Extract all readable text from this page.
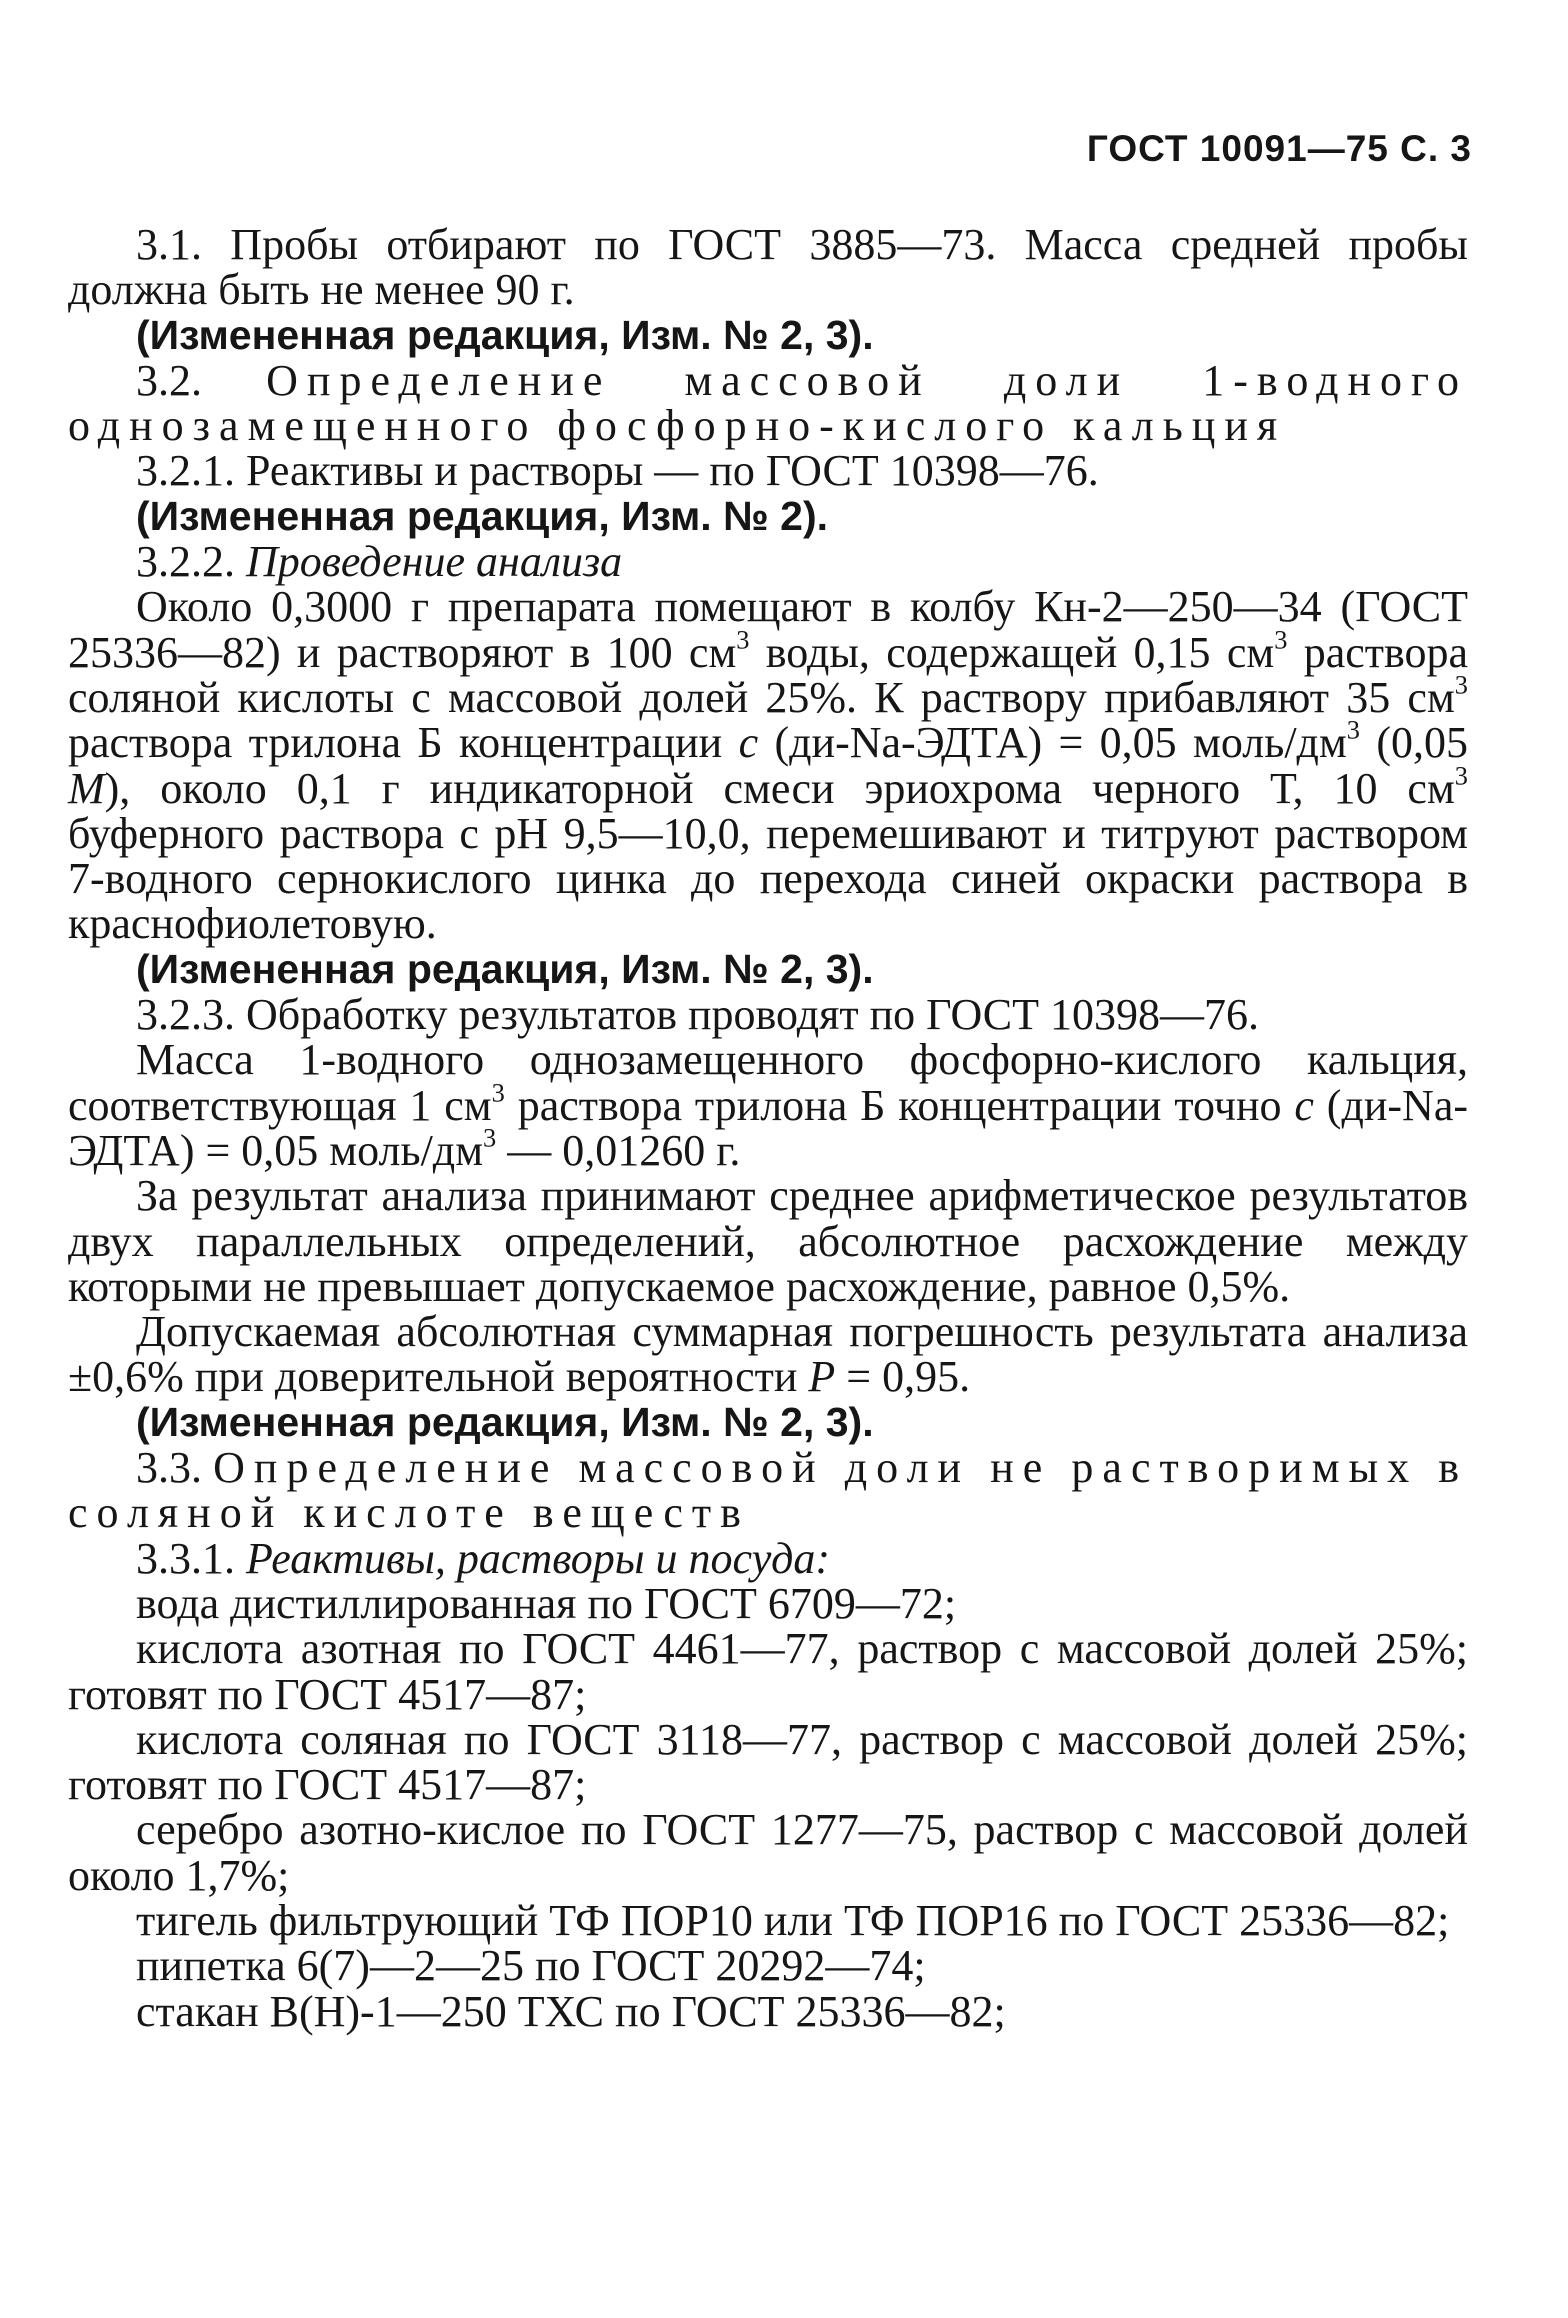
ГОСТ 10091—75 С. 3

3.1. Пробы отбирают по ГОСТ 3885—73. Масса средней пробы должна быть не менее 90 г.

(Измененная редакция, Изм. № 2, 3).

3.2. Определение массовой доли 1-водного однозамещенного фосфорно-кислого кальция

3.2.1. Реактивы и растворы — по ГОСТ 10398—76.

(Измененная редакция, Изм. № 2).

3.2.2. Проведение анализа

Около 0,3000 г препарата помещают в колбу Кн-2—250—34 (ГОСТ 25336—82) и растворяют в 100 $см^3$ воды, содержащей 0,15 $см^3$ раствора соляной кислоты с массовой долей 25%. К раствору прибавляют 35 $см^3$ раствора трилона Б концентрации с (ди-Na-ЭДТА) = 0,05 моль/$дм^3$ (0,05 М), около 0,1 г индикаторной смеси эриохрома черного Т, 10 $см^3$ буферного раствора с рН 9,5—10,0, перемешивают и титруют раствором 7-водного сернокислого цинка до перехода синей окраски раствора в краснофиолетовую.

(Измененная редакция, Изм. № 2, 3).

3.2.3. Обработку результатов проводят по ГОСТ 10398—76.

Масса 1-водного однозамещенного фосфорно-кислого кальция, соответствующая 1 $см^3$ раствора трилона Б концентрации точно с (ди-Na-ЭДТА) = 0,05 моль/$дм^3$ — 0,01260 г.

За результат анализа принимают среднее арифметическое результатов двух параллельных определений, абсолютное расхождение между которыми не превышает допускаемое расхождение, равное 0,5%.

Допускаемая абсолютная суммарная погрешность результата анализа ±0,6% при доверительной вероятности Р = 0,95.

(Измененная редакция, Изм. № 2, 3).

3.3. Определение массовой доли не растворимых в соляной кислоте веществ

3.3.1. Реактивы, растворы и посуда:

вода дистиллированная по ГОСТ 6709—72;

кислота азотная по ГОСТ 4461—77, раствор с массовой долей 25%; готовят по ГОСТ 4517—87;

кислота соляная по ГОСТ 3118—77, раствор с массовой долей 25%; готовят по ГОСТ 4517—87;

серебро азотно-кислое по ГОСТ 1277—75, раствор с массовой долей около 1,7%;

тигель фильтрующий ТФ ПОР10 или ТФ ПОР16 по ГОСТ 25336—82;

пипетка 6(7)—2—25 по ГОСТ 20292—74;

стакан В(Н)-1—250 ТХС по ГОСТ 25336—82;
